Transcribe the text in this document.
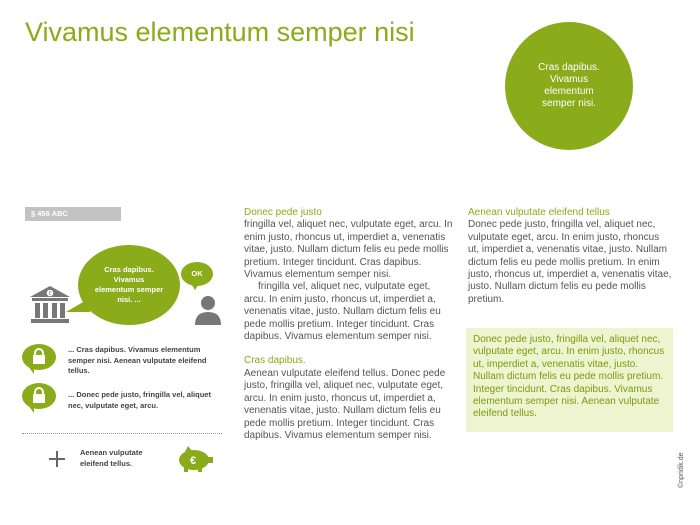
Vivamus elementum semper nisi
Cras dapibus. Vivamus elementum semper nisi.
§ 456 ABC
€
Cras dapibus. Vivamus elementum semper nisi. ...
OK
... Cras dapibus. Vivamus elementum semper nisi. Aenean vulputate eleifend tellus.
... Donec pede justo, fringilla vel, aliquet nec, vulputate eget, arcu.
Aenean vulputate eleifend tellus.	€

Donec pede justo

fringilla vel, aliquet nec, vulputate eget, arcu. In enim justo, rhoncus ut, imperdiet a, venenatis vitae, justo. Nullam dictum felis eu pede mollis pretium. Integer tincidunt. Cras dapibus. Vivamus elementum semper nisi.

fringilla vel, aliquet nec, vulputate eget, arcu. In enim justo, rhoncus ut, imperdiet a, venenatis vitae, justo. Nullam dictum felis eu pede mollis pretium. Integer tincidunt. Cras dapibus. Vivamus elementum semper nisi.

Cras dapibus.

Aenean vulputate eleifend tellus. Donec pede justo, fringilla vel, aliquet nec, vulputate eget, arcu. In enim justo, rhoncus ut, imperdiet a, venenatis vitae, justo. Nullam dictum felis eu pede mollis pretium. Integer tincidunt. Cras dapibus. Vivamus elementum semper nisi.

Aenean vulputate eleifend tellus

Donec pede justo, fringilla vel, aliquet nec, vulputate eget, arcu. In enim justo, rhoncus ut, imperdiet a, venenatis vitae, justo. Nullam dictum felis eu pede mollis pretium. In enim justo, rhoncus ut, imperdiet a, venenatis vitae, justo. Nullam dictum felis eu pede mollis pretium.

Donec pede justo, fringilla vel, aliquet nec, vulputate eget, arcu. In enim justo, rhoncus ut, imperdiet a, venenatis vitae, justo. Nullam dictum felis eu pede mollis pretium. Integer tincidunt. Cras dapibus. Vivamus elementum semper nisi. Aenean vulputate eleifend tellus.
©npridik.de
